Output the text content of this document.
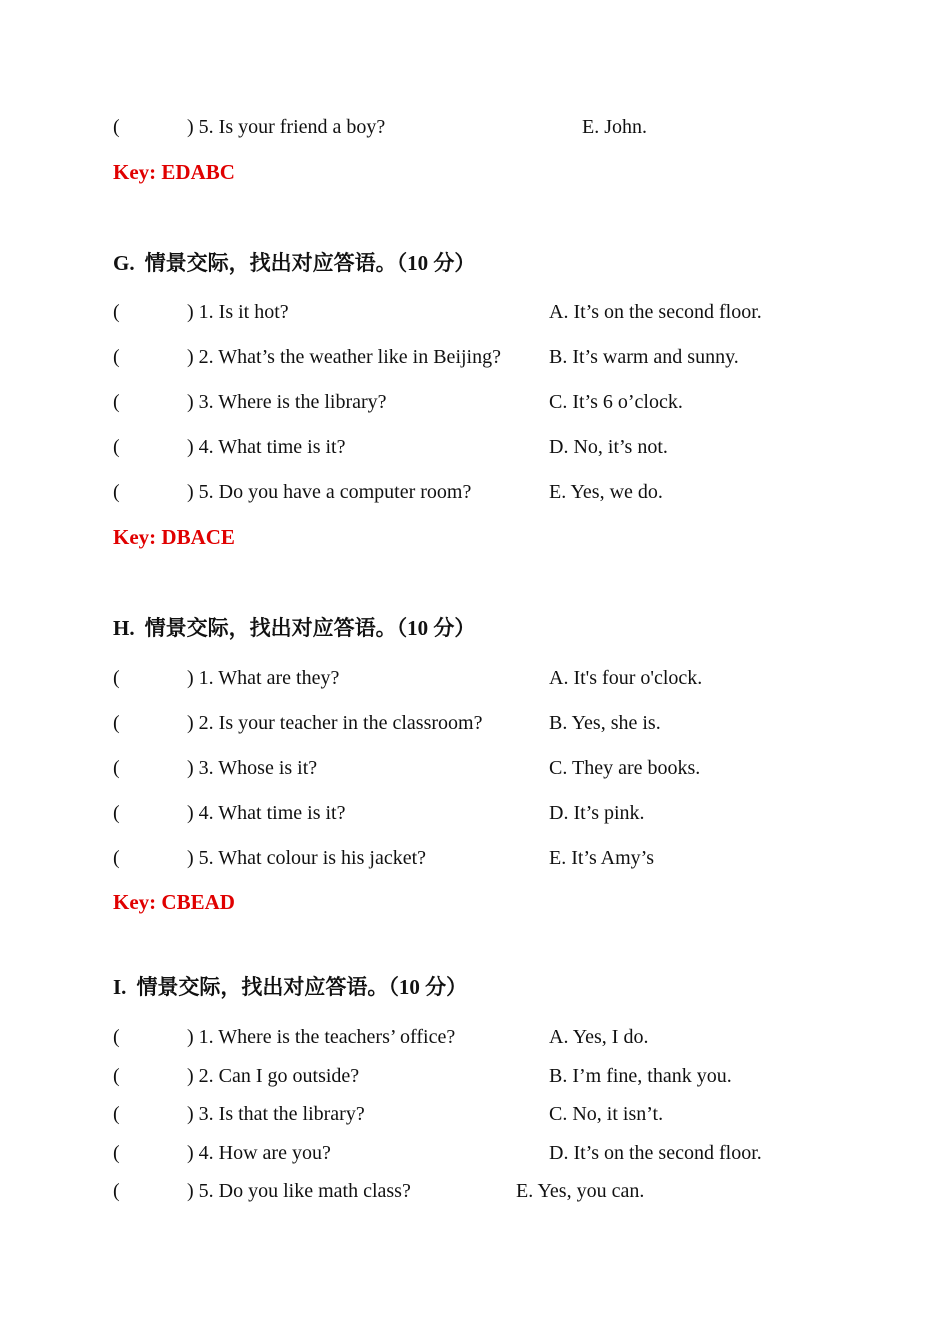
(	) 5. Is your friend a boy?	E. John.
Key: EDABC
G. 情景交际，找出对应答语。（10 分）
(	) 1. Is it hot?	A. It’s on the second floor.
(	) 2. What’s the weather like in Beijing? B. It’s warm and sunny.
(	) 3. Where is the library?	C. It’s 6 o’clock.
(	) 4. What time is it?	D. No, it’s not.
(	) 5. Do you have a computer room?	E. Yes, we do.
Key: DBACE
H. 情景交际，找出对应答语。（10 分）
(	) 1. What are they?	A. It's four o'clock.
(	) 2. Is your teacher in the classroom?	B. Yes, she is.
(	) 3. Whose is it?	C. They are books.
(	) 4. What time is it?	D. It’s pink.
(	) 5. What colour is his jacket?	E. It’s Amy’s
Key: CBEAD
I. 情景交际，找出对应答语。（10 分）
(	) 1. Where is the teachers’ office?	A. Yes, I do.
(	) 2. Can I go outside?	B. I’m fine, thank you.
(	) 3. Is that the library?	C. No, it isn’t.
(	) 4. How are you?	D. It’s on the second floor.
(	) 5. Do you like math class?	E. Yes, you can.
